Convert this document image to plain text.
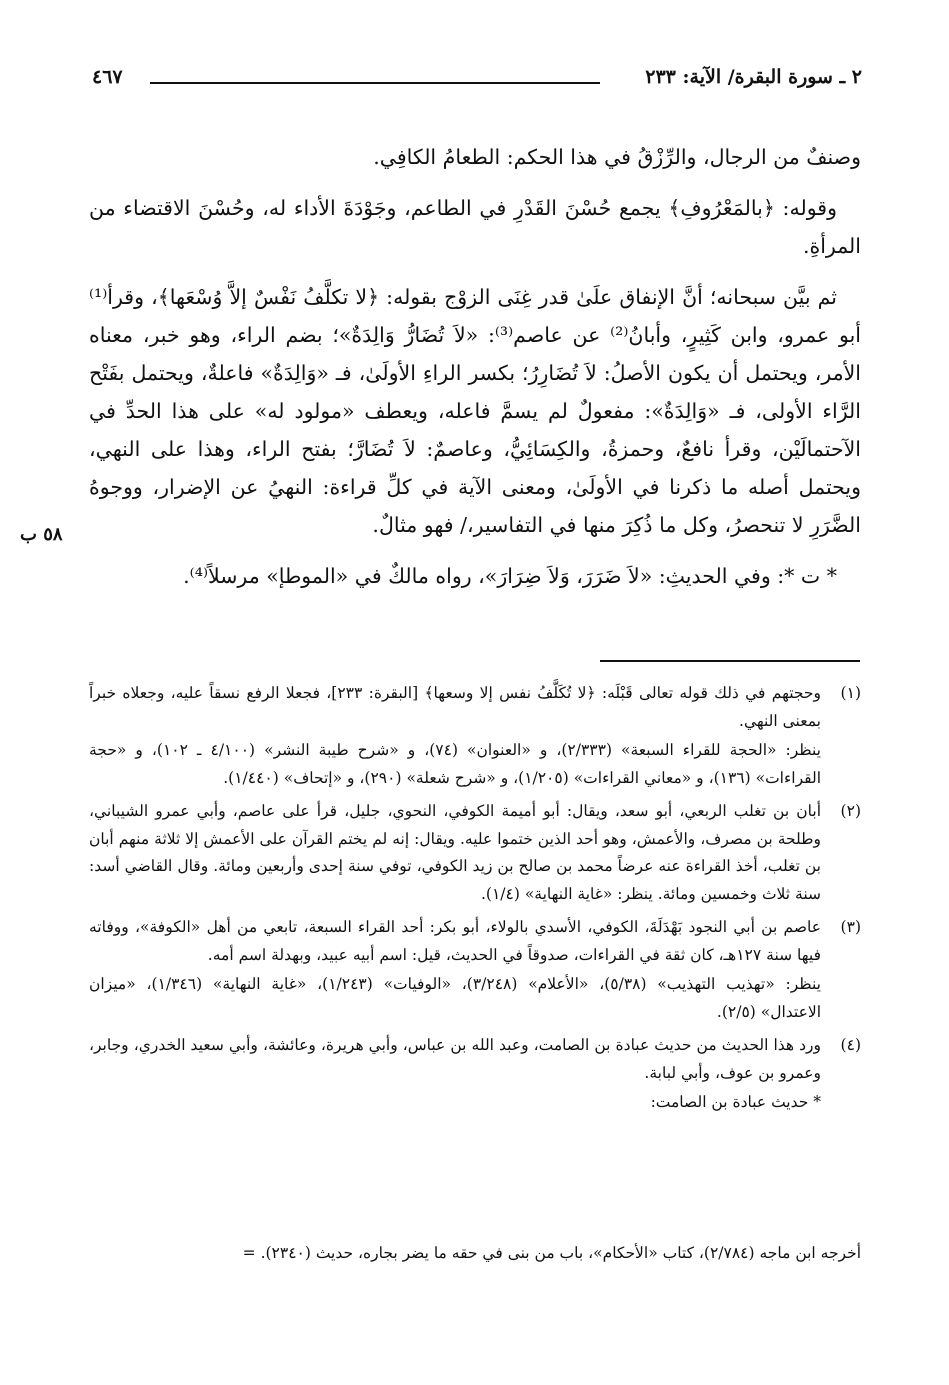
٢ ـ سورة البقرة/ الآية: ٢٣٣
٤٦٧

وصنفٌ من الرجال، والرِّزْقُ في هذا الحكم: الطعامُ الكافِي.

وقوله: ﴿بالمَعْرُوفِ﴾ يجمع حُسْنَ القَدْرِ في الطاعم، وجَوْدَةَ الأداء له، وحُسْنَ الاقتضاء من المرأةِ.

ثم بيَّن سبحانه؛ أنَّ الإنفاق علَىٰ قدر غِنَى الزوْج بقوله: ﴿لا تكلَّفُ نَفْسٌ إلاَّ وُسْعَها﴾، وقرأ⁽¹⁾ أبو عمرو، وابن كَثِيرٍ، وأبانُ⁽²⁾ عن عاصم⁽³⁾: «لاَ تُضَارُّ وَالِدَةٌ»؛ بضم الراء، وهو خبر، معناه الأمر، ويحتمل أن يكون الأصلُ: لاَ تُضَارِرُ؛ بكسر الراءِ الأولَىٰ، فـ «وَالِدَةٌ» فاعلةٌ، ويحتمل بفَتْح الرَّاء الأولى، فـ «وَالِدَةٌ»: مفعولٌ لم يسمَّ فاعله، ويعطف «مولود له» على هذا الحدِّ في الآحتمالَيْن، وقرأ نافعٌ، وحمزةُ، والكِسَائِيُّ، وعاصمٌ: لاَ تُضَارَّ؛ بفتح الراء، وهذا على النهي، ويحتمل أصله ما ذكرنا في الأولَىٰ، ومعنى الآية في كلِّ قراءة: النهيُ عن الإضرار، ووجوهُ الضَّرَرِ لا تنحصرُ، وكل ما ذُكِرَ منها في التفاسير،/ فهو مثالٌ.

* ت *: وفي الحديثِ: «لاَ ضَرَرَ، وَلاَ ضِرَارَ»، رواه مالكٌ في «الموطإ» مرسلاً⁽⁴⁾.

٥٨ ب
(١)
وحجتهم في ذلك قوله تعالى قَبْلَه: ﴿لا تُكَلَّفُ نفس إلا وسعها﴾ [البقرة: ٢٣٣]، فجعلا الرفع نسقاً عليه، وجعلاه خبراً بمعنى النهي.
ينظر: «الحجة للقراء السبعة» (٢/٣٣٣)، و «العنوان» (٧٤)، و «شرح طيبة النشر» (٤/١٠٠ ـ ١٠٢)، و «حجة القراءات» (١٣٦)، و «معاني القراءات» (١/٢٠٥)، و «شرح شعلة» (٢٩٠)، و «إتحاف» (١/٤٤٠).
(٢)
أبان بن تغلب الربعي، أبو سعد، ويقال: أبو أميمة الكوفي، النحوي، جليل، قرأ على عاصم، وأبي عمرو الشيباني، وطلحة بن مصرف، والأعمش، وهو أحد الذين ختموا عليه. ويقال: إنه لم يختم القرآن على الأعمش إلا ثلاثة منهم أبان بن تغلب، أخذ القراءة عنه عرضاً محمد بن صالح بن زيد الكوفي، توفي سنة إحدى وأربعين ومائة. وقال القاضي أسد: سنة ثلاث وخمسين ومائة. ينظر: «غاية النهاية» (١/٤).
(٣)
عاصم بن أبي النجود بَهْدَلَةَ، الكوفي، الأسدي بالولاء، أبو بكر: أحد القراء السبعة، تابعي من أهل «الكوفة»، ووفاته فيها سنة ١٢٧هـ، كان ثقة في القراءات، صدوقاً في الحديث، قيل: اسم أبيه عبيد، وبهدلة اسم أمه.
ينظر: «تهذيب التهذيب» (٥/٣٨)، «الأعلام» (٣/٢٤٨)، «الوفيات» (١/٢٤٣)، «غاية النهاية» (١/٣٤٦)، «ميزان الاعتدال» (٢/٥).
(٤)
ورد هذا الحديث من حديث عبادة بن الصامت، وعبد الله بن عباس، وأبي هريرة، وعائشة، وأبي سعيد الخدري، وجابر، وعمرو بن عوف، وأبي لبابة.
* حديث عبادة بن الصامت:
أخرجه ابن ماجه (٢/٧٨٤)، كتاب «الأحكام»، باب من بنى في حقه ما يضر بجاره، حديث (٢٣٤٠). =
